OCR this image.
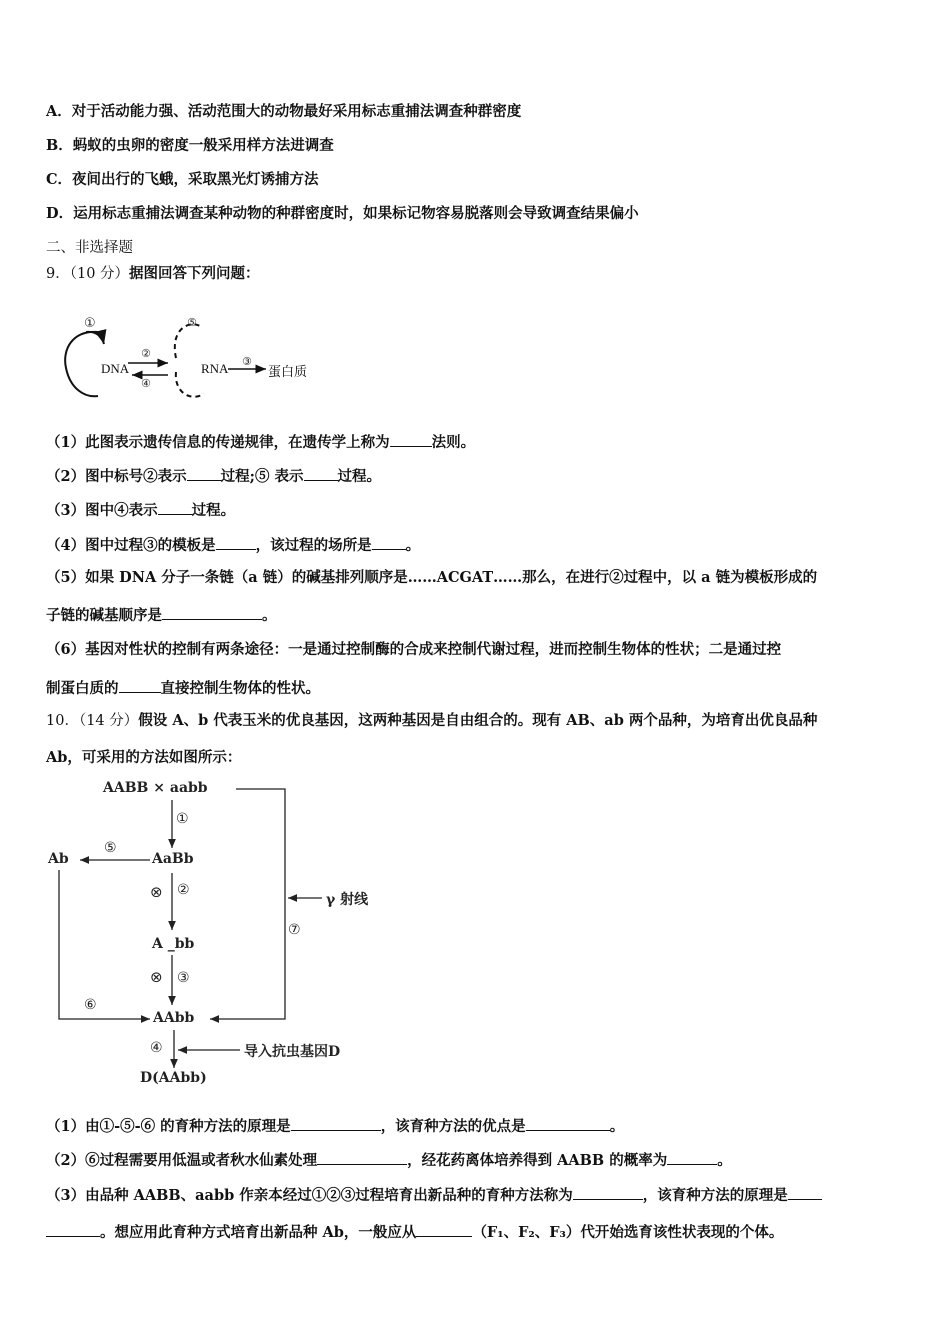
A．对于活动能力强、活动范围大的动物最好采用标志重捕法调查种群密度
B．蚂蚁的虫卵的密度一般采用样方法进调查
C．夜间出行的飞蛾，采取黑光灯诱捕方法
D．运用标志重捕法调查某种动物的种群密度时，如果标记物容易脱落则会导致调查结果偏小
二、非选择题
9．（10 分）据图回答下列问题：
①
DNA
②
④
⑤
RNA ③
蛋白质
（1）此图表示遗传信息的传递规律，在遗传学上称为	法则。
（2）图中标号②表示 过程;⑤ 表示 过程。
（3）图中④表示 过程。
（4）图中过程③的模板是	，该过程的场所是 。
（5）如果 DNA 分子一条链（a 链）的碱基排列顺序是……ACGAT……那么，在进行②过程中，以 a 链为模板形成的
子链的碱基顺序是	。
（6）基因对性状的控制有两条途径：一是通过控制酶的合成来控制代谢过程，进而控制生物体的性状；二是通过控
制蛋白质的	直接控制生物体的性状。
10．（14 分）假设 A、b 代表玉米的优良基因，这两种基因是自由组合的。现有 AB、ab 两个品种，为培育出优良品种
Ab，可采用的方法如图所示：
AABB × aabb
①
Ab
⑤
AaBb
⊗ ②
γ 射线
⑦
A _bb
⊗ ③
⑥
AAbb
④	导入抗虫基因D
D(AAbb)
（1）由①-⑤-⑥ 的育种方法的原理是	，该育种方法的优点是	。
（2）⑥过程需要用低温或者秋水仙素处理	，经花药离体培养得到 AABB 的概率为	。
（3）由品种 AABB、aabb 作亲本经过①②③过程培育出新品种的育种方法称为	，该育种方法的原理是
。想应用此育种方式培育出新品种 Ab，一般应从	（F₁、F₂、F₃）代开始选育该性状表现的个体。
